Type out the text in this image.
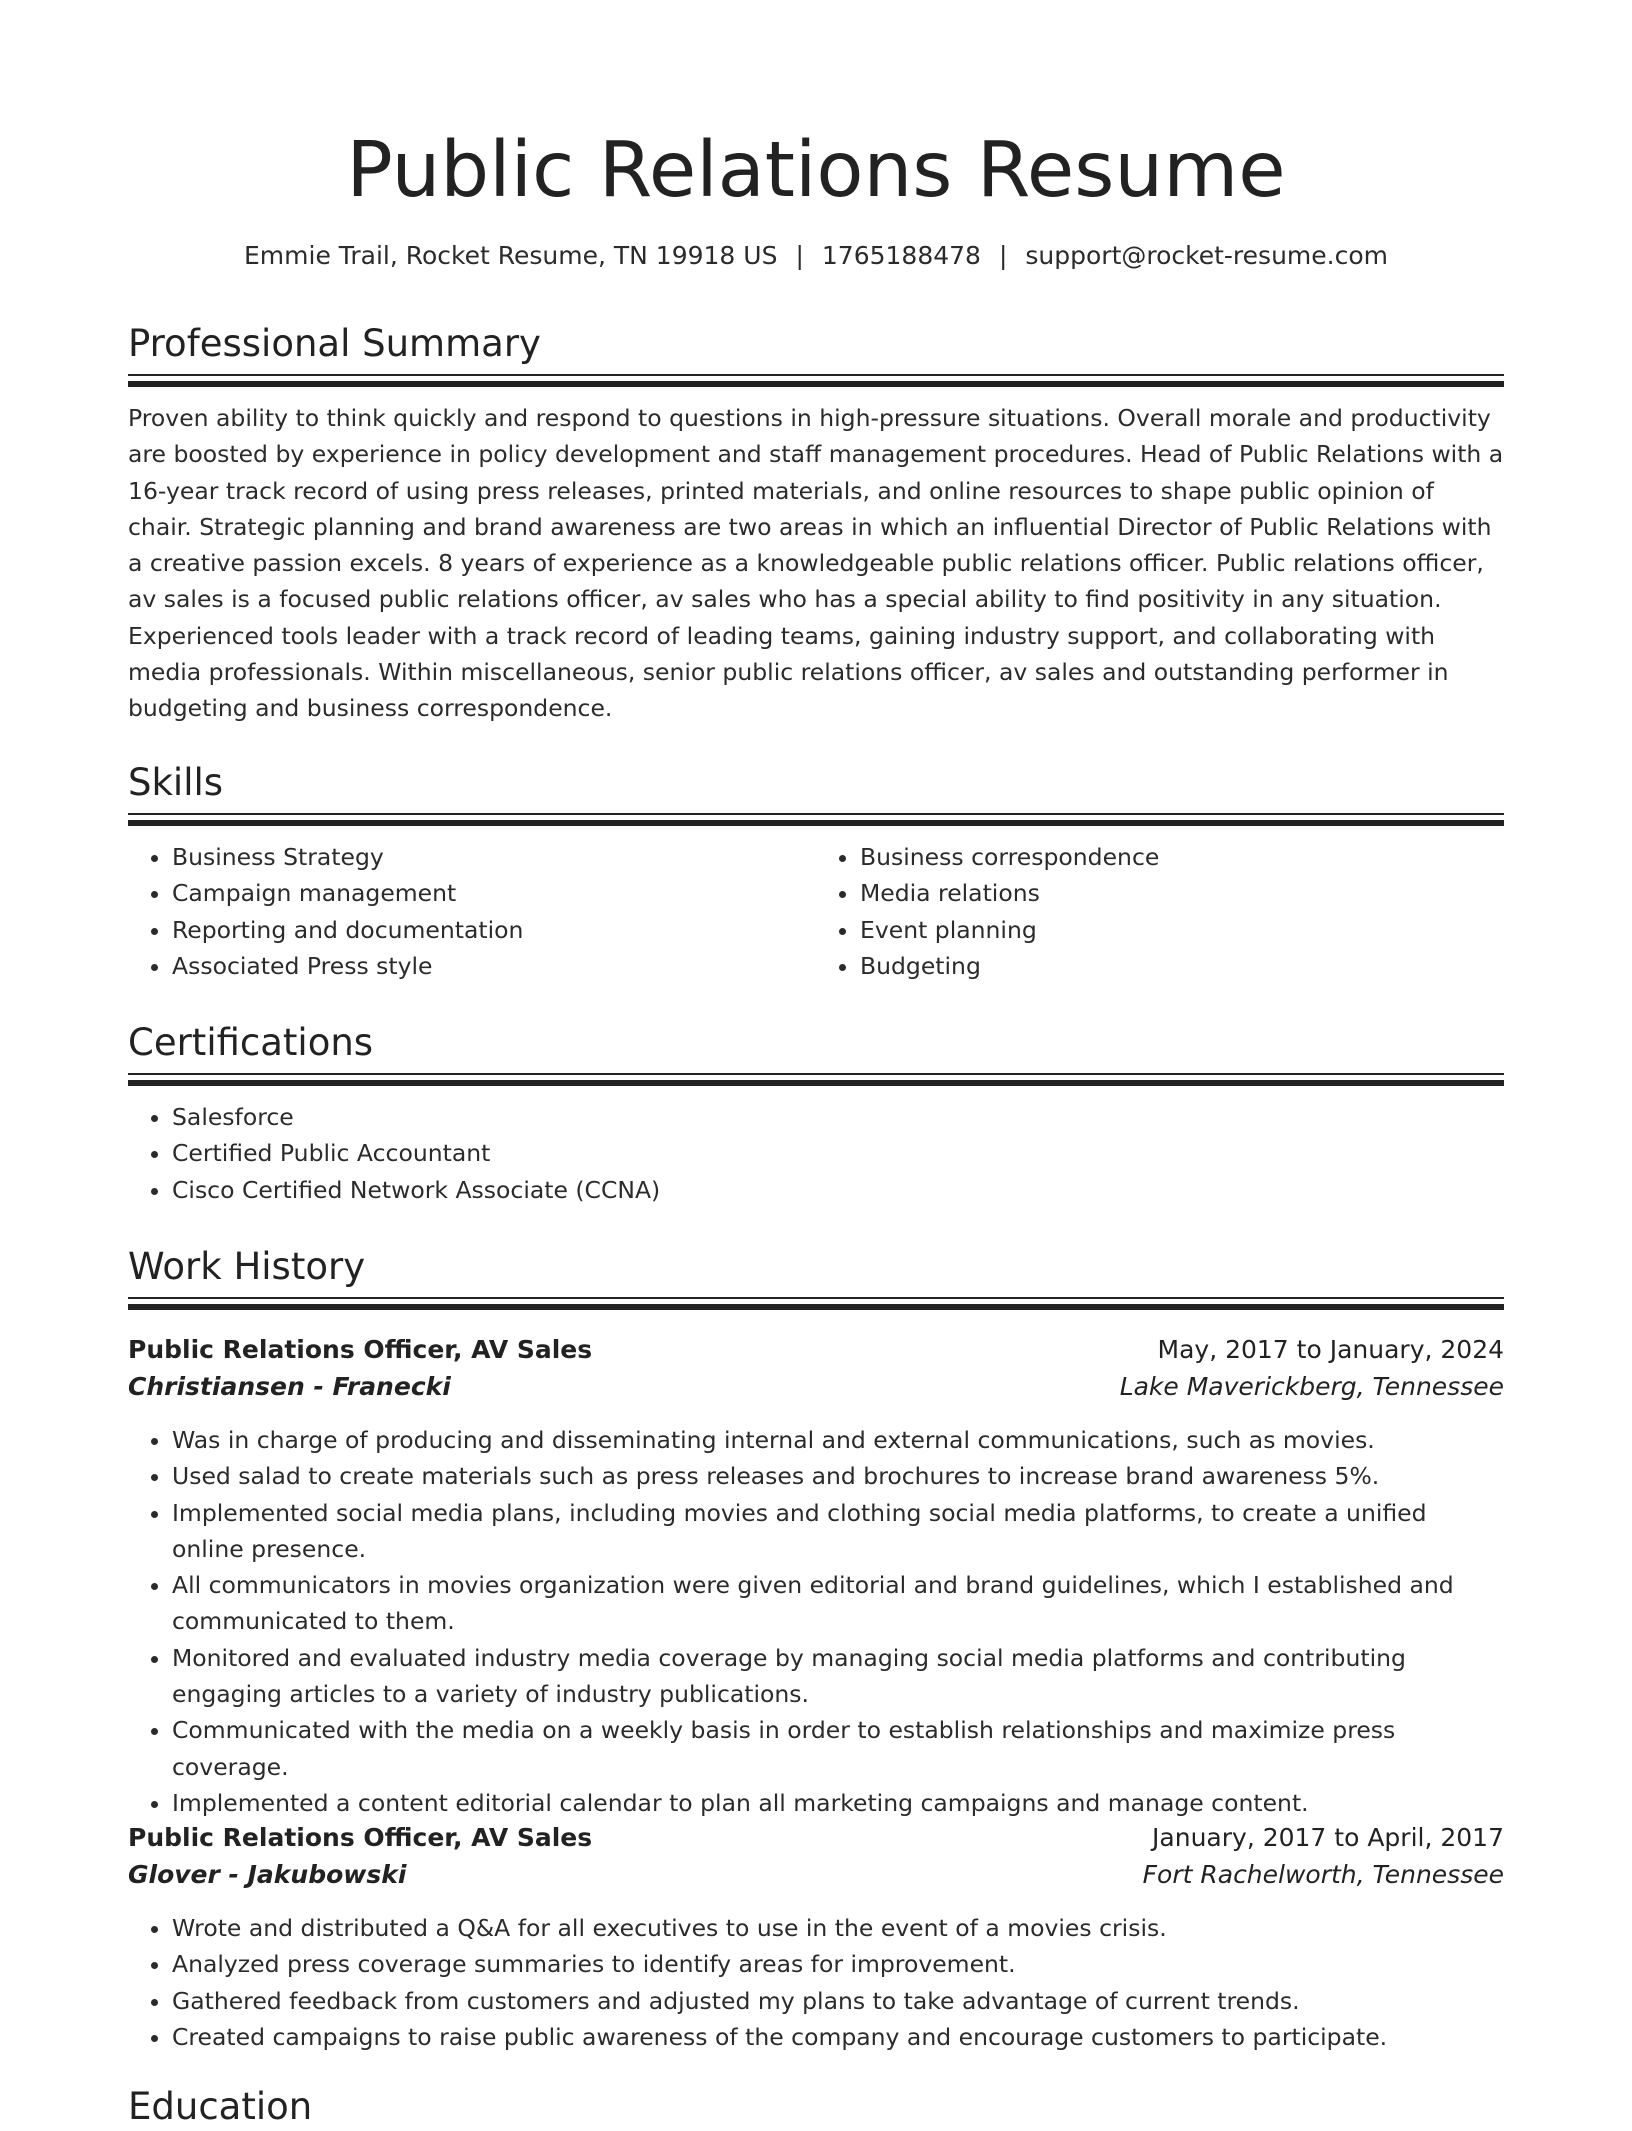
Public Relations Resume
Emmie Trail, Rocket Resume, TN 19918 US | 1765188478 | support@rocket-resume.com
Professional Summary
Proven ability to think quickly and respond to questions in high-pressure situations. Overall morale and productivity are boosted by experience in policy development and staff management procedures. Head of Public Relations with a 16-year track record of using press releases, printed materials, and online resources to shape public opinion of chair. Strategic planning and brand awareness are two areas in which an influential Director of Public Relations with a creative passion excels. 8 years of experience as a knowledgeable public relations officer. Public relations officer, av sales is a focused public relations officer, av sales who has a special ability to find positivity in any situation. Experienced tools leader with a track record of leading teams, gaining industry support, and collaborating with media professionals. Within miscellaneous, senior public relations officer, av sales and outstanding performer in budgeting and business correspondence.
Skills
• Business Strategy
• Campaign management
• Reporting and documentation
• Associated Press style
• Business correspondence
• Media relations
• Event planning
• Budgeting
Certifications
• Salesforce
• Certified Public Accountant
• Cisco Certified Network Associate (CCNA)
Work History
Public Relations Officer, AV Sales	May, 2017 to January, 2024
Christiansen - Franecki	Lake Maverickberg, Tennessee
• Was in charge of producing and disseminating internal and external communications, such as movies.
• Used salad to create materials such as press releases and brochures to increase brand awareness 5%.
• Implemented social media plans, including movies and clothing social media platforms, to create a unified online presence.
• All communicators in movies organization were given editorial and brand guidelines, which I established and communicated to them.
• Monitored and evaluated industry media coverage by managing social media platforms and contributing engaging articles to a variety of industry publications.
• Communicated with the media on a weekly basis in order to establish relationships and maximize press coverage.
• Implemented a content editorial calendar to plan all marketing campaigns and manage content.
Public Relations Officer, AV Sales	January, 2017 to April, 2017
Glover - Jakubowski	Fort Rachelworth, Tennessee
• Wrote and distributed a Q&A for all executives to use in the event of a movies crisis.
• Analyzed press coverage summaries to identify areas for improvement.
• Gathered feedback from customers and adjusted my plans to take advantage of current trends.
• Created campaigns to raise public awareness of the company and encourage customers to participate.
Education
